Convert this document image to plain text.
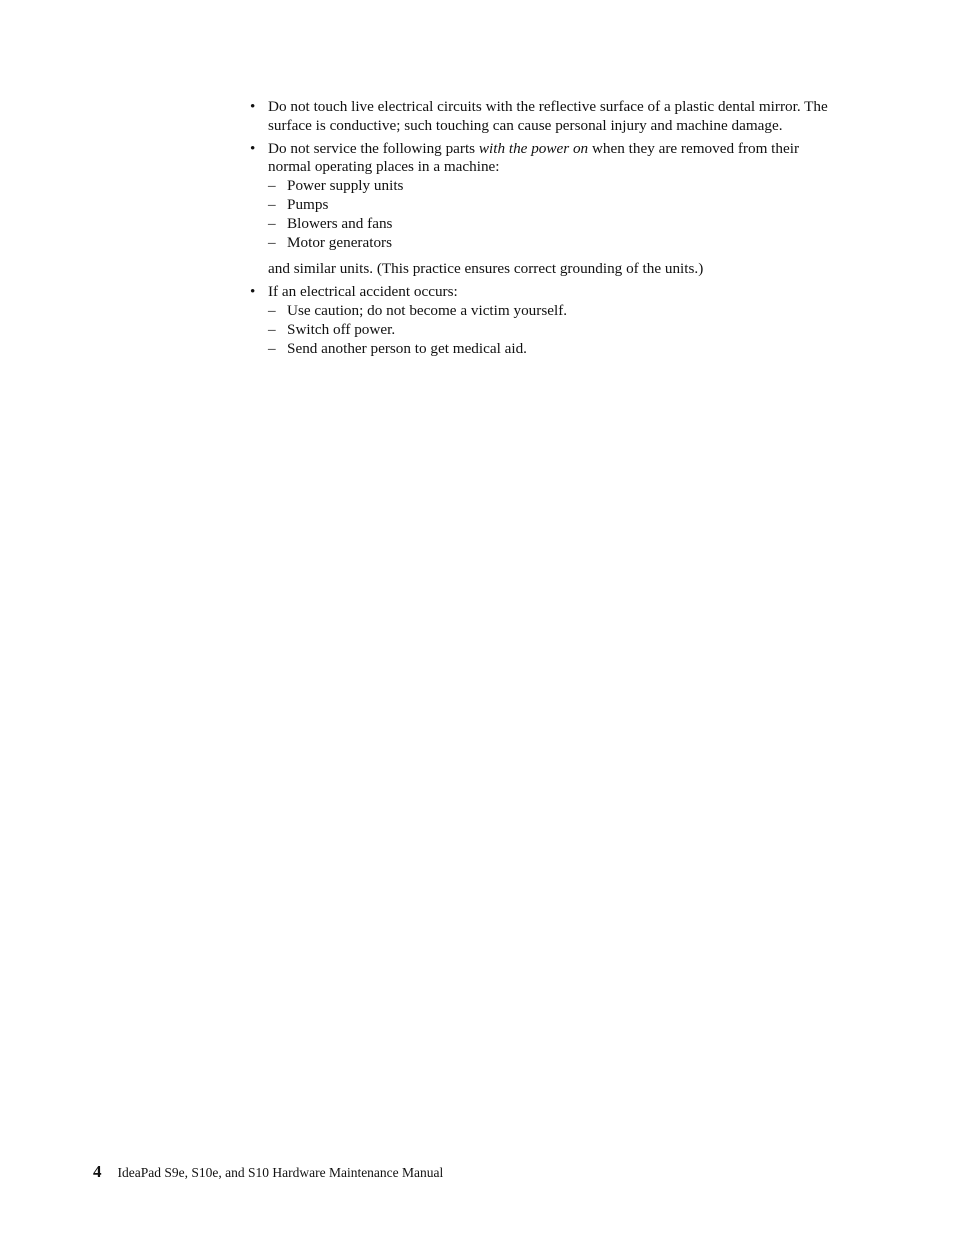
• Do not touch live electrical circuits with the reflective surface of a plastic dental mirror. The surface is conductive; such touching can cause personal injury and machine damage.
• Do not service the following parts with the power on when they are removed from their normal operating places in a machine:
– Power supply units
– Pumps
– Blowers and fans
– Motor generators
and similar units. (This practice ensures correct grounding of the units.)
• If an electrical accident occurs:
– Use caution; do not become a victim yourself.
– Switch off power.
– Send another person to get medical aid.
4 IdeaPad S9e, S10e, and S10 Hardware Maintenance Manual
